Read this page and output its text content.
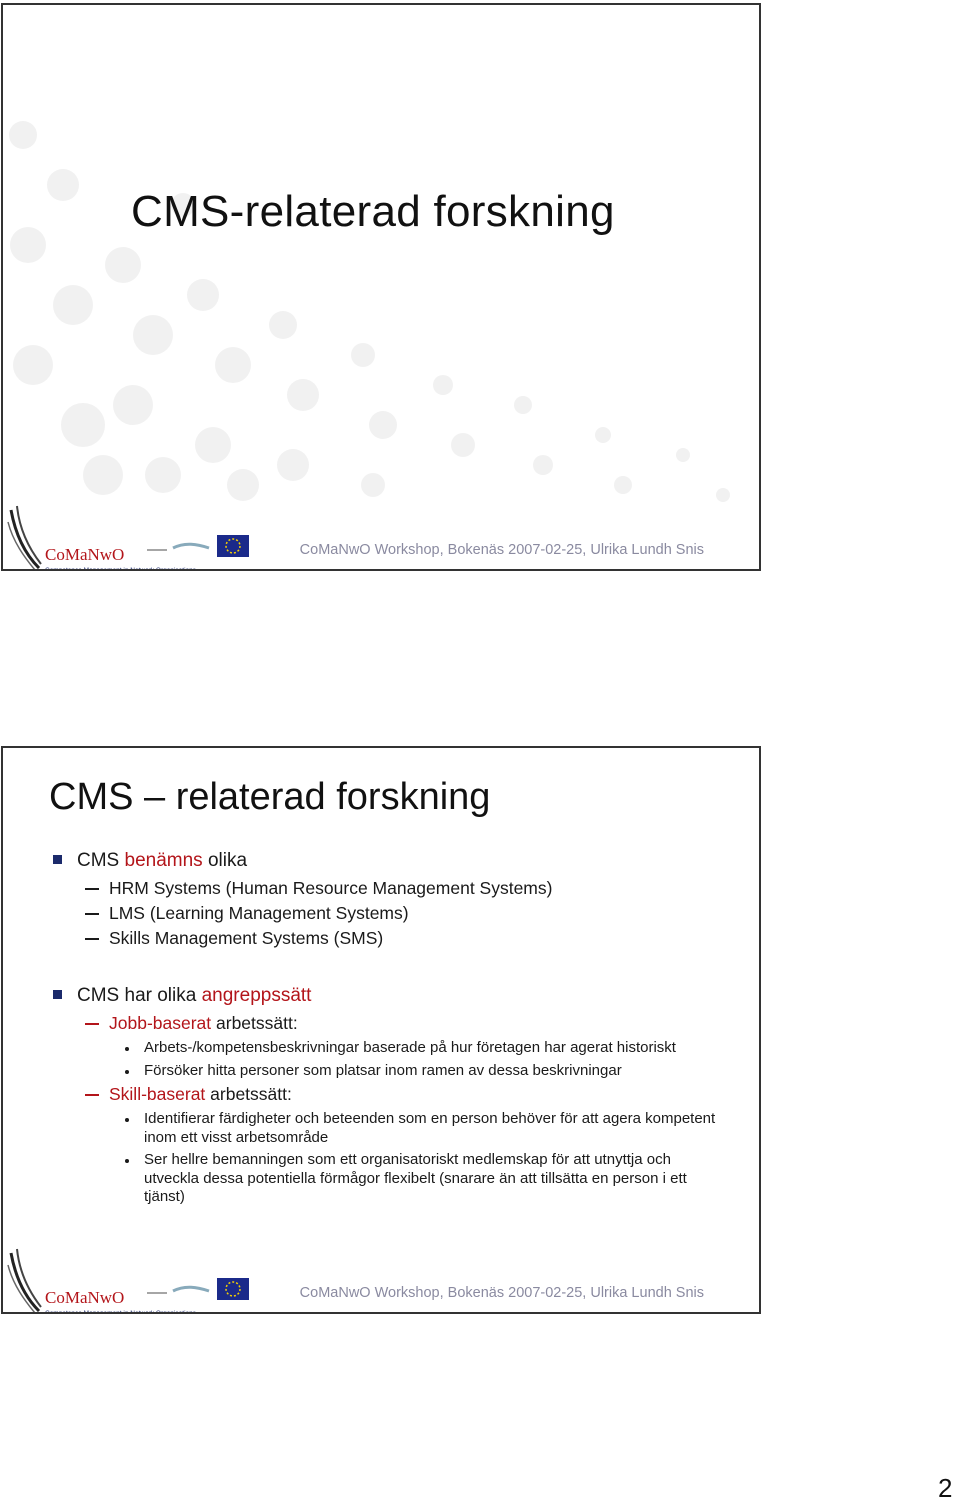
CMS-relaterad forskning
CoMaNwO
Competence Management in Network Organisations
CoMaNwO Workshop, Bokenäs 2007-02-25, Ulrika Lundh Snis
CMS – relaterad forskning
CMS benämns olika
HRM Systems (Human Resource Management Systems)
LMS (Learning Management Systems)
Skills Management Systems (SMS)
CMS har olika angreppssätt
Jobb-baserat arbetssätt:
Arbets-/kompetensbeskrivningar baserade på hur företagen har agerat historiskt
Försöker hitta personer som platsar inom ramen av dessa beskrivningar
Skill-baserat arbetssätt:
Identifierar färdigheter och beteenden som en person behöver för att agera kompetent inom ett visst arbetsområde
Ser hellre bemanningen som ett organisatoriskt medlemskap för att utnyttja och utveckla dessa potentiella förmågor flexibelt (snarare än att tillsätta en person i ett tjänst)
CoMaNwO
Competence Management in Network Organisations
CoMaNwO Workshop, Bokenäs 2007-02-25, Ulrika Lundh Snis
2
